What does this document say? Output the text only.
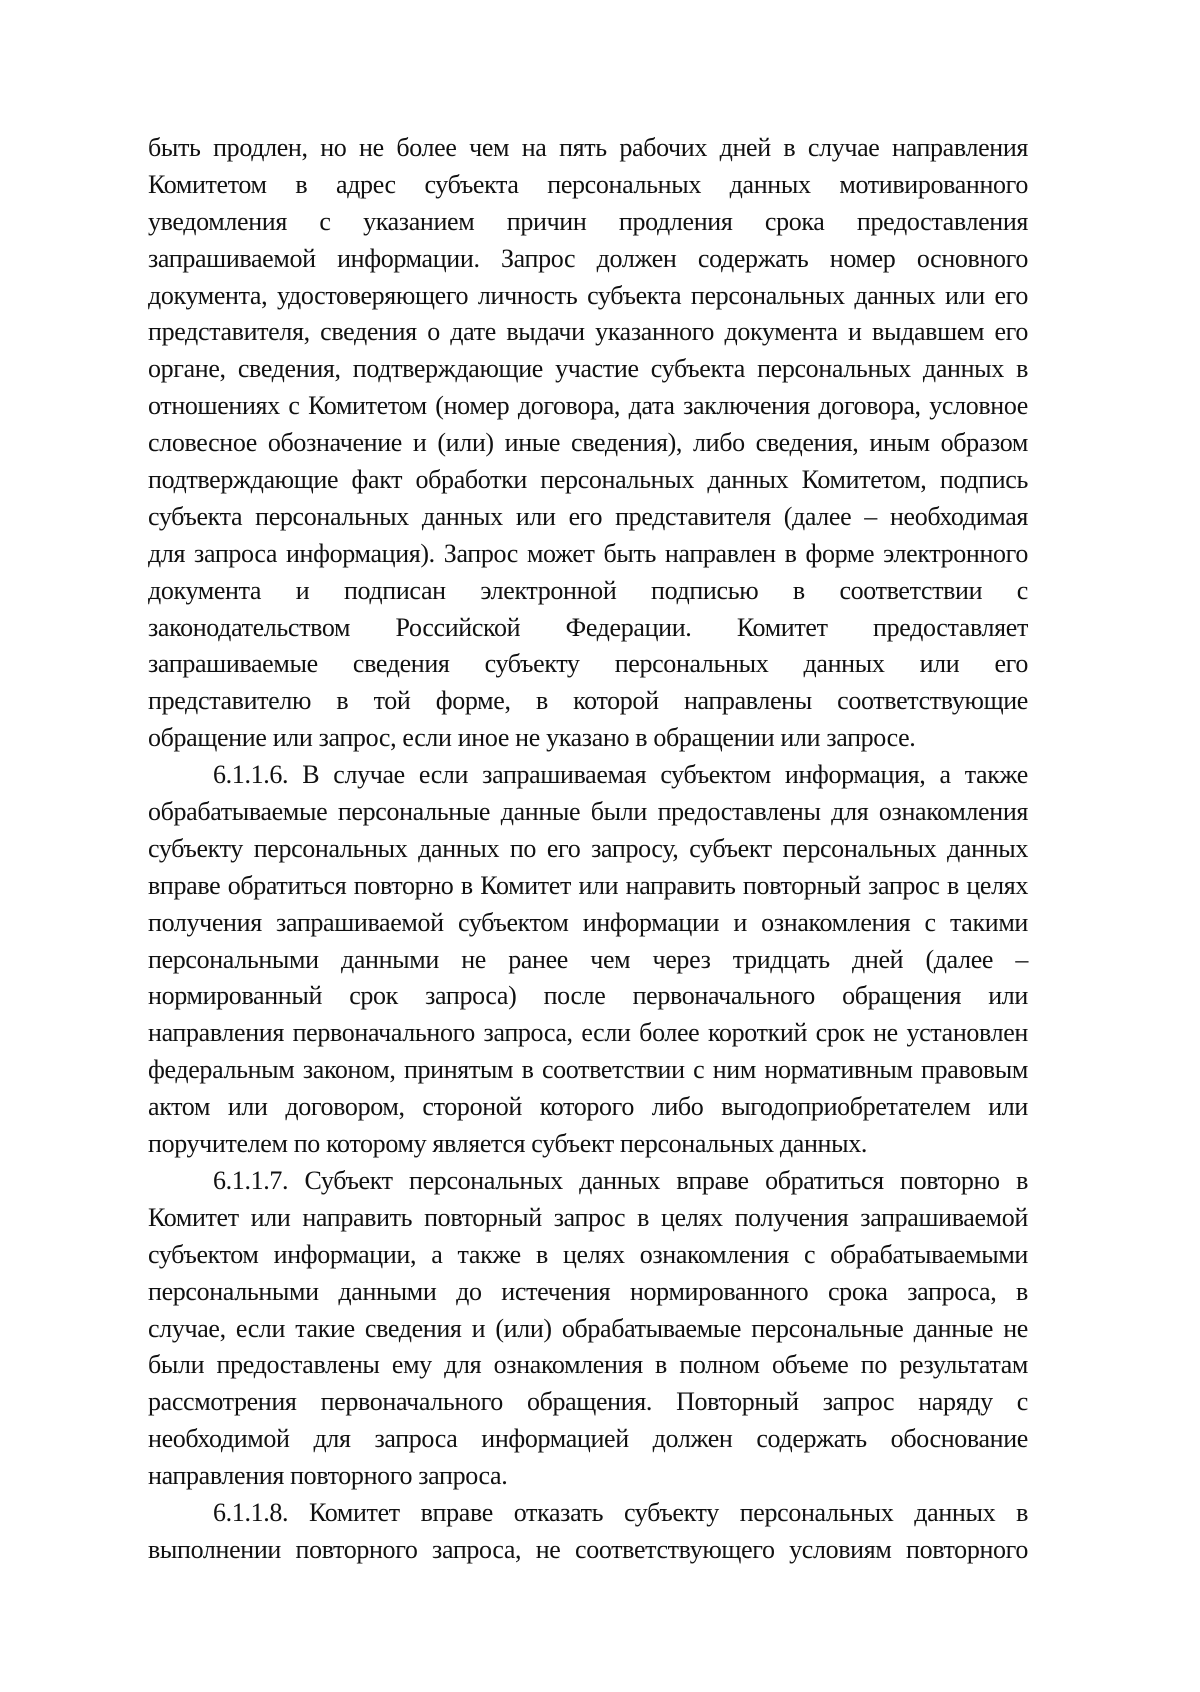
быть продлен, но не более чем на пять рабочих дней в случае направления
Комитетом в адрес субъекта персональных данных мотивированного
уведомления с указанием причин продления срока предоставления
запрашиваемой информации. Запрос должен содержать номер основного
документа, удостоверяющего личность субъекта персональных данных или его
представителя, сведения о дате выдачи указанного документа и выдавшем его
органе, сведения, подтверждающие участие субъекта персональных данных в
отношениях с Комитетом (номер договора, дата заключения договора, условное
словесное обозначение и (или) иные сведения), либо сведения, иным образом
подтверждающие факт обработки персональных данных Комитетом, подпись
субъекта персональных данных или его представителя (далее – необходимая
для запроса информация). Запрос может быть направлен в форме электронного
документа и подписан электронной подписью в соответствии с
законодательством Российской Федерации. Комитет предоставляет
запрашиваемые сведения субъекту персональных данных или его
представителю в той форме, в которой направлены соответствующие
обращение или запрос, если иное не указано в обращении или запросе.
6.1.1.6. В случае если запрашиваемая субъектом информация, а также
обрабатываемые персональные данные были предоставлены для ознакомления
субъекту персональных данных по его запросу, субъект персональных данных
вправе обратиться повторно в Комитет или направить повторный запрос в целях
получения запрашиваемой субъектом информации и ознакомления с такими
персональными данными не ранее чем через тридцать дней (далее –
нормированный срок запроса) после первоначального обращения или
направления первоначального запроса, если более короткий срок не установлен
федеральным законом, принятым в соответствии с ним нормативным правовым
актом или договором, стороной которого либо выгодоприобретателем или
поручителем по которому является субъект персональных данных.
6.1.1.7. Субъект персональных данных вправе обратиться повторно в
Комитет или направить повторный запрос в целях получения запрашиваемой
субъектом информации, а также в целях ознакомления с обрабатываемыми
персональными данными до истечения нормированного срока запроса, в
случае, если такие сведения и (или) обрабатываемые персональные данные не
были предоставлены ему для ознакомления в полном объеме по результатам
рассмотрения первоначального обращения. Повторный запрос наряду с
необходимой для запроса информацией должен содержать обоснование
направления повторного запроса.
6.1.1.8. Комитет вправе отказать субъекту персональных данных в
выполнении повторного запроса, не соответствующего условиям повторного
